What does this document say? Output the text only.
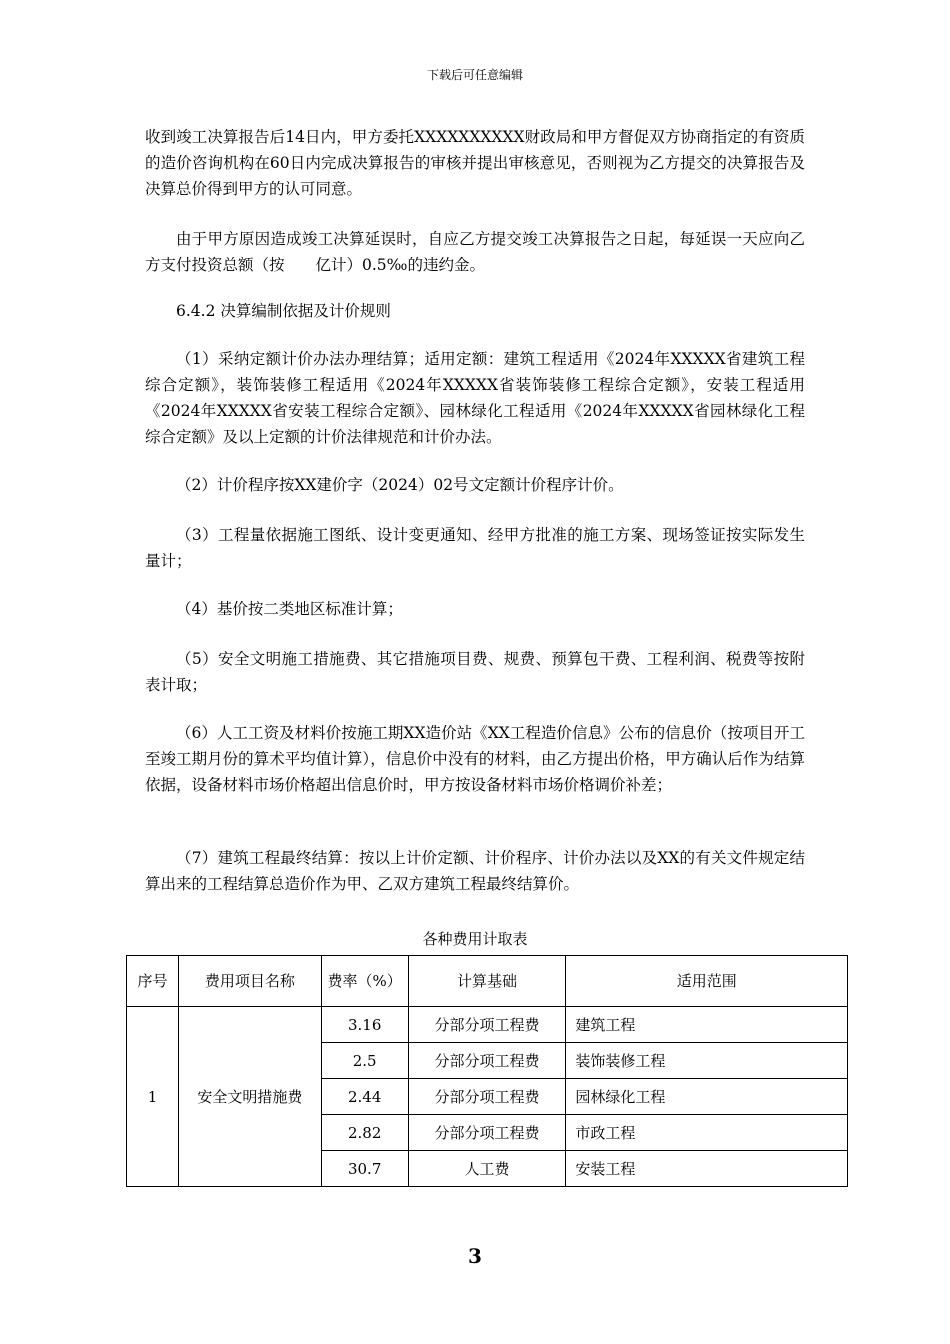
下载后可任意编辑

收到竣工决算报告后14日内，甲方委托XXXXXXXXXX财政局和甲方督促双方协商指定的有资质的造价咨询机构在60日内完成决算报告的审核并提出审核意见，否则视为乙方提交的决算报告及决算总价得到甲方的认可同意。

由于甲方原因造成竣工决算延误时，自应乙方提交竣工决算报告之日起，每延误一天应向乙方支付投资总额（按　　亿计）0.5‰的违约金。

6.4.2 决算编制依据及计价规则

（1）采纳定额计价办法办理结算；适用定额：建筑工程适用《2024年XXXXX省建筑工程综合定额》，装饰装修工程适用《2024年XXXXX省装饰装修工程综合定额》，安装工程适用《2024年XXXXX省安装工程综合定额》、园林绿化工程适用《2024年XXXXX省园林绿化工程综合定额》及以上定额的计价法律规范和计价办法。

（2）计价程序按XX建价字（2024）02号文定额计价程序计价。

（3）工程量依据施工图纸、设计变更通知、经甲方批准的施工方案、现场签证按实际发生量计；

（4）基价按二类地区标准计算；

（5）安全文明施工措施费、其它措施项目费、规费、预算包干费、工程利润、税费等按附表计取；

（6）人工工资及材料价按施工期XX造价站《XX工程造价信息》公布的信息价（按项目开工至竣工期月份的算术平均值计算），信息价中没有的材料，由乙方提出价格，甲方确认后作为结算依据，设备材料市场价格超出信息价时，甲方按设备材料市场价格调价补差；

（7）建筑工程最终结算：按以上计价定额、计价程序、计价办法以及XX的有关文件规定结算出来的工程结算总造价作为甲、乙双方建筑工程最终结算价。

各种费用计取表
序号	费用项目名称	费率（%）	计算基础	适用范围
1	安全文明措施费	3.16	分部分项工程费	建筑工程
		2.5	分部分项工程费	装饰装修工程
		2.44	分部分项工程费	园林绿化工程
		2.82	分部分项工程费	市政工程
		30.7	人工费	安装工程
3
